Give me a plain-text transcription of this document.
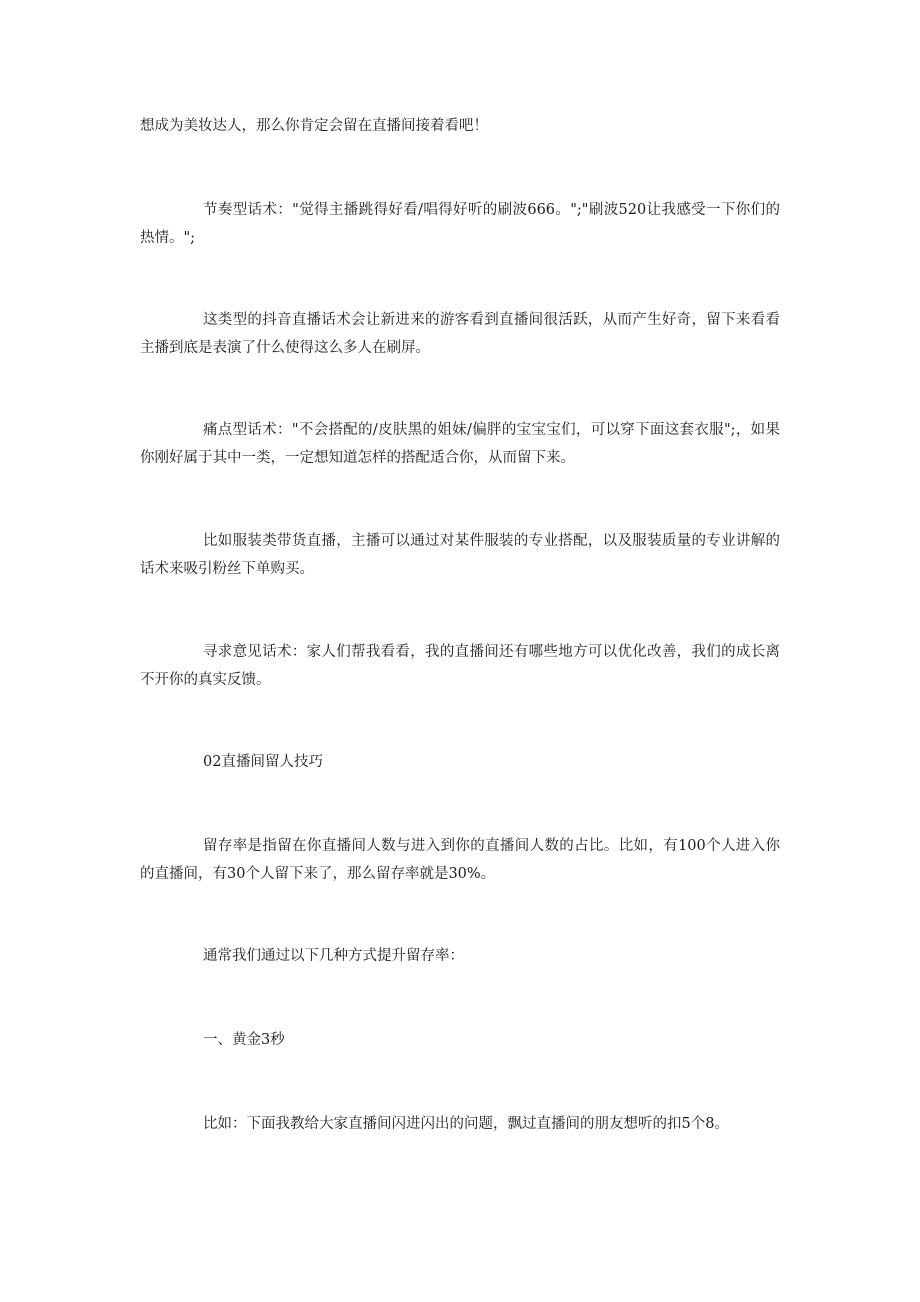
想成为美妆达人，那么你肯定会留在直播间接着看吧！

节奏型话术："觉得主播跳得好看/唱得好听的刷波666。";"刷波520让我感受一下你们的热情。";

这类型的抖音直播话术会让新进来的游客看到直播间很活跃，从而产生好奇，留下来看看主播到底是表演了什么使得这么多人在刷屏。

痛点型话术："不会搭配的/皮肤黑的姐妹/偏胖的宝宝宝们，可以穿下面这套衣服";，如果你刚好属于其中一类，一定想知道怎样的搭配适合你，从而留下来。

比如服装类带货直播，主播可以通过对某件服装的专业搭配，以及服装质量的专业讲解的话术来吸引粉丝下单购买。

寻求意见话术：家人们帮我看看，我的直播间还有哪些地方可以优化改善，我们的成长离不开你的真实反馈。

02直播间留人技巧

留存率是指留在你直播间人数与进入到你的直播间人数的占比。比如，有100个人进入你的直播间，有30个人留下来了，那么留存率就是30%。

通常我们通过以下几种方式提升留存率：

一、黄金3秒

比如：下面我教给大家直播间闪进闪出的问题，飘过直播间的朋友想听的扣5个8。
